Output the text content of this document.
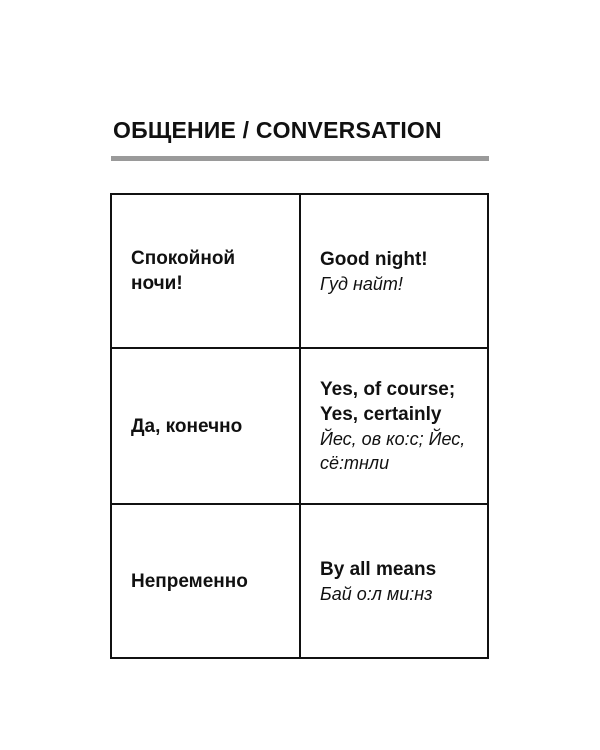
ОБЩЕНИЕ / CONVERSATION
Спокойной ночи!
Good night!
Гуд найт!
Да, конечно
Yes, of course; Yes, certainly
Йес, ов ко:с; Йес, сё:тнли
Непременно
By all means
Бай о:л ми:нз
